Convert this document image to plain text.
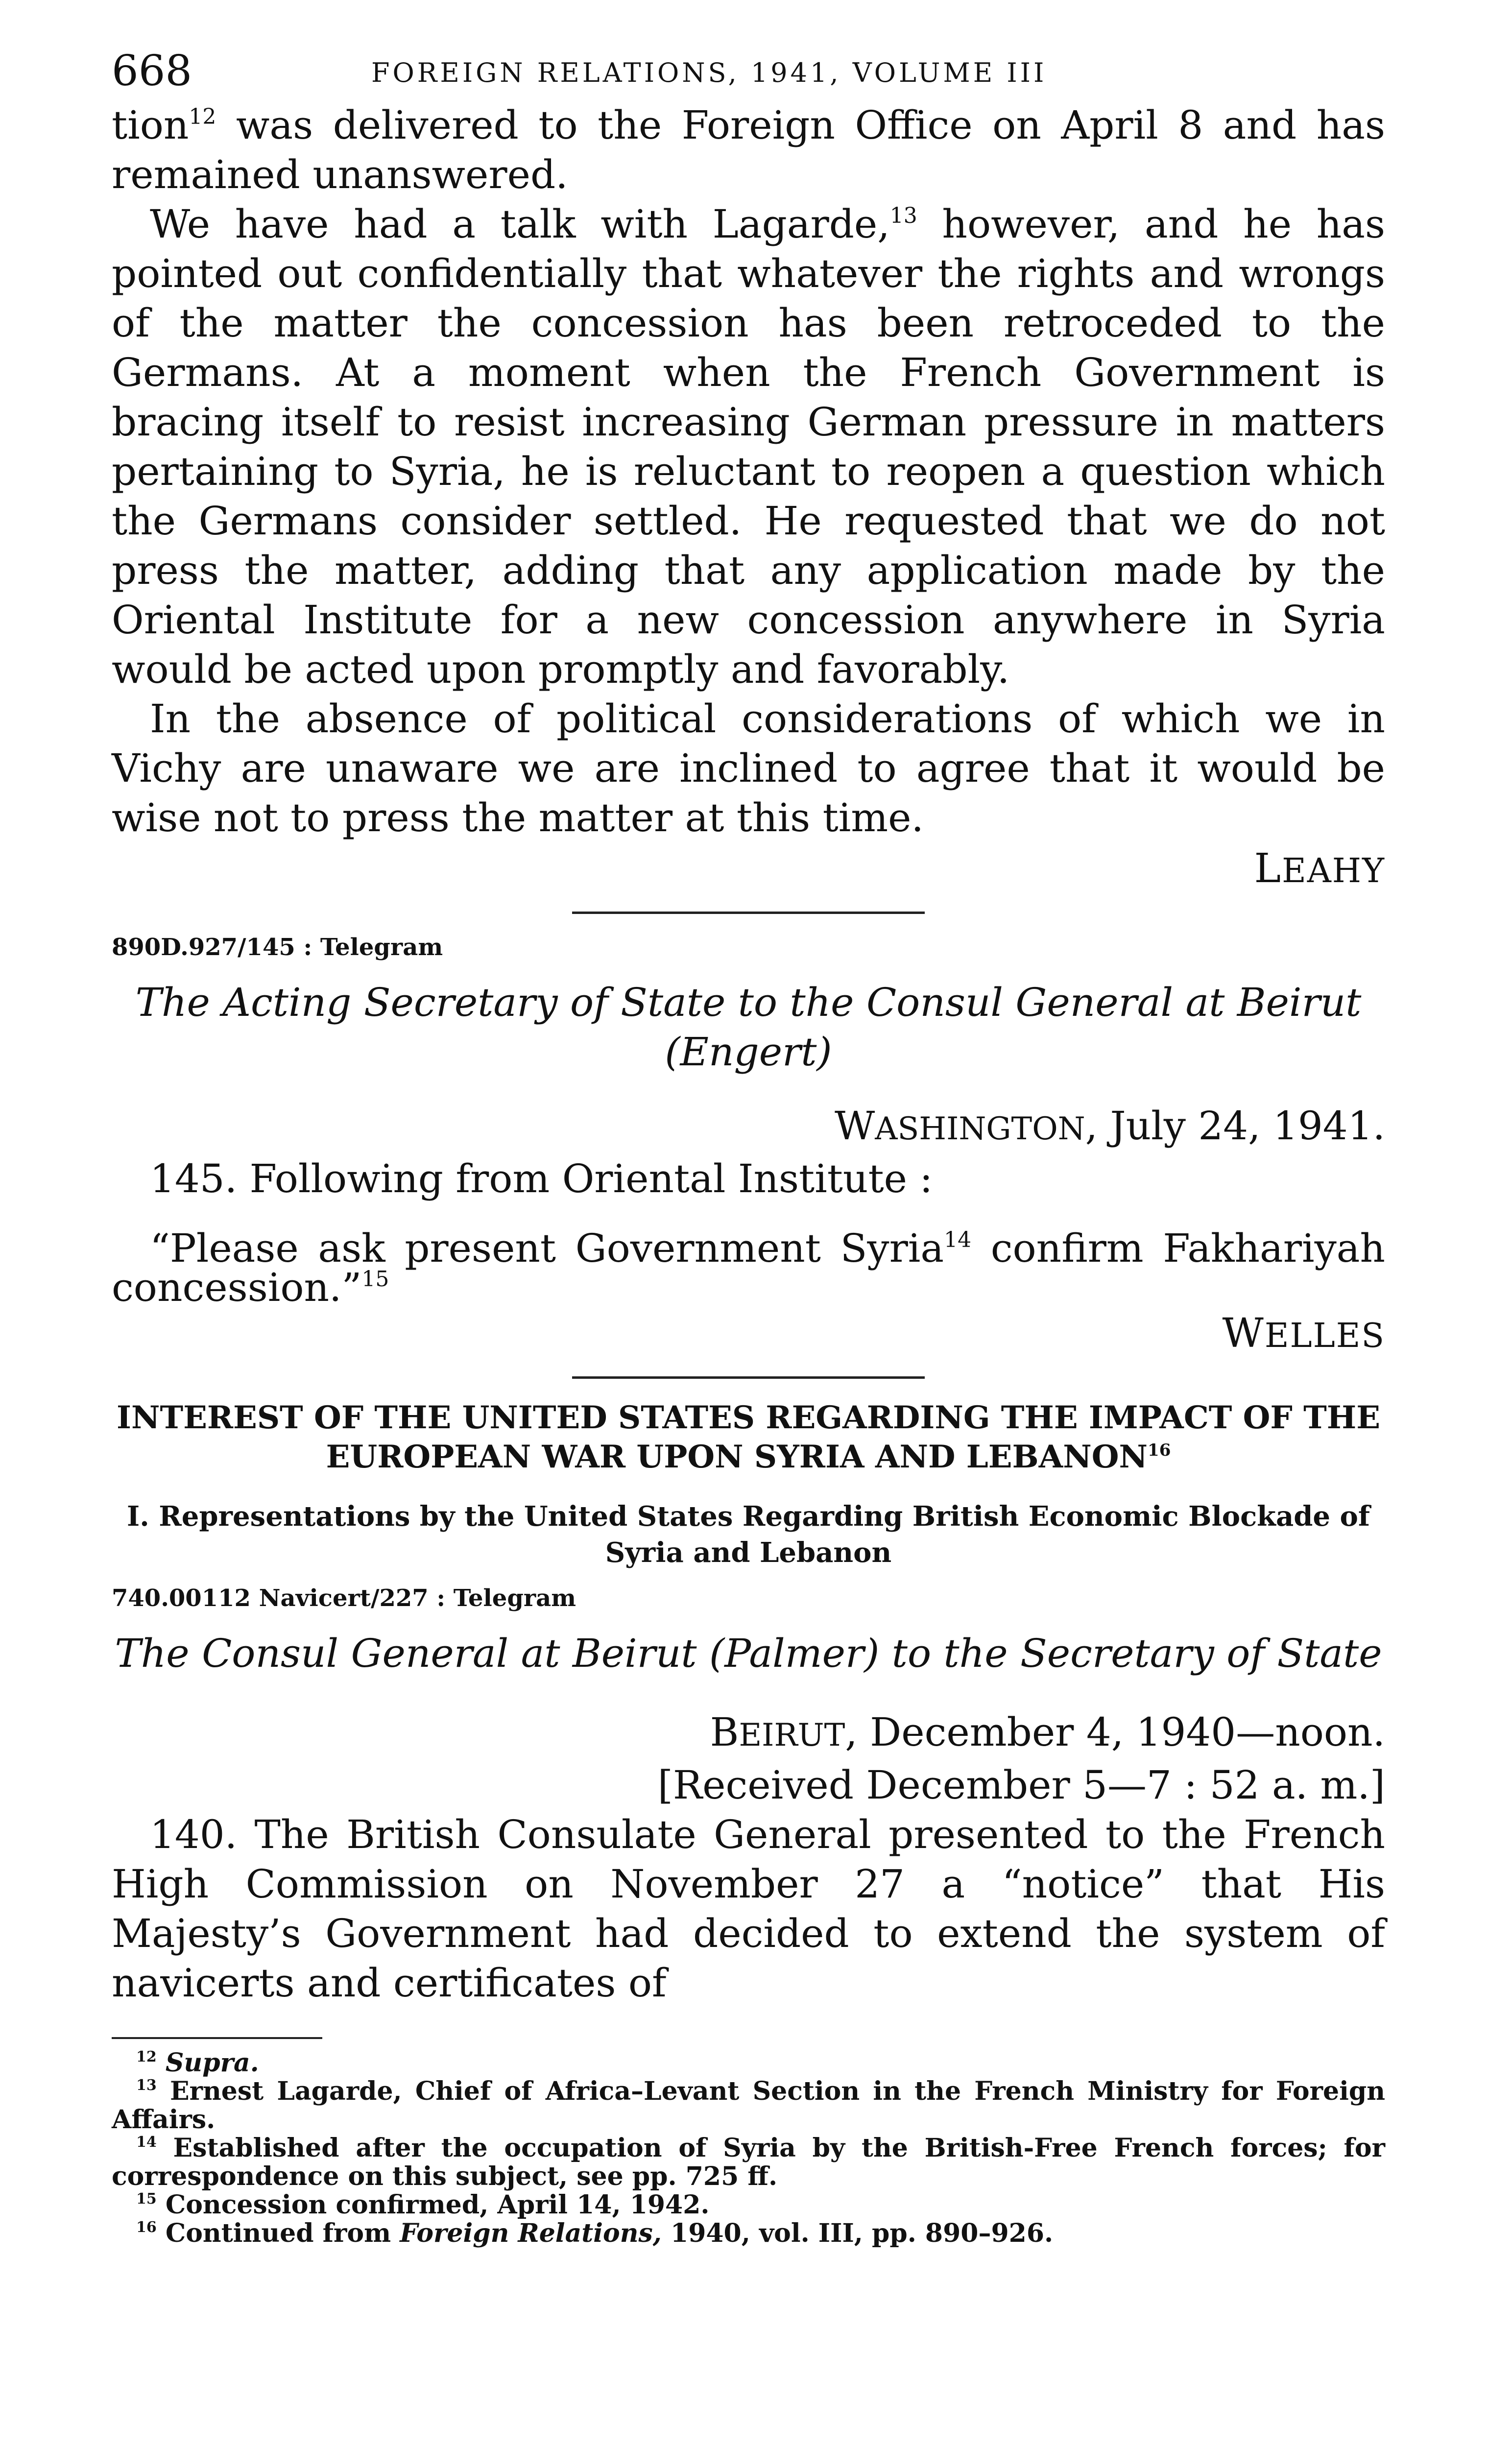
668	FOREIGN RELATIONS, 1941, VOLUME III

tion$^{12}$ was delivered to the Foreign Office on April 8 and has remained unanswered.

We have had a talk with Lagarde,$^{13}$ however, and he has pointed out confidentially that whatever the rights and wrongs of the matter the concession has been retroceded to the Germans. At a moment when the French Government is bracing itself to resist increasing German pressure in matters pertaining to Syria, he is reluctant to reopen a question which the Germans consider settled. He requested that we do not press the matter, adding that any application made by the Oriental Institute for a new concession anywhere in Syria would be acted upon promptly and favorably.

In the absence of political considerations of which we in Vichy are unaware we are inclined to agree that it would be wise not to press the matter at this time.

LEAHY
890D.927/145 : Telegram

The Acting Secretary of State to the Consul General at Beirut (Engert)

WASHINGTON, July 24, 1941.

145. Following from Oriental Institute :

“Please ask present Government Syria$^{14}$ confirm Fakhariyah concession.”$^{15}$

WELLES

INTEREST OF THE UNITED STATES REGARDING THE IMPACT OF THE EUROPEAN WAR UPON SYRIA AND LEBANON$^{16}$

I. Representations by the United States Regarding British Economic Blockade of Syria and Lebanon

740.00112 Navicert/227 : Telegram

The Consul General at Beirut (Palmer) to the Secretary of State

BEIRUT, December 4, 1940—noon.

[Received December 5—7 : 52 a. m.]

140. The British Consulate General presented to the French High Commission on November 27 a “notice” that His Majesty’s Government had decided to extend the system of navicerts and certificates of

$^{12}$ Supra.

$^{13}$ Ernest Lagarde, Chief of Africa–Levant Section in the French Ministry for Foreign Affairs.

$^{14}$ Established after the occupation of Syria by the British-Free French forces; for correspondence on this subject, see pp. 725 ff.

$^{15}$ Concession confirmed, April 14, 1942.

$^{16}$ Continued from Foreign Relations, 1940, vol. III, pp. 890–926.
